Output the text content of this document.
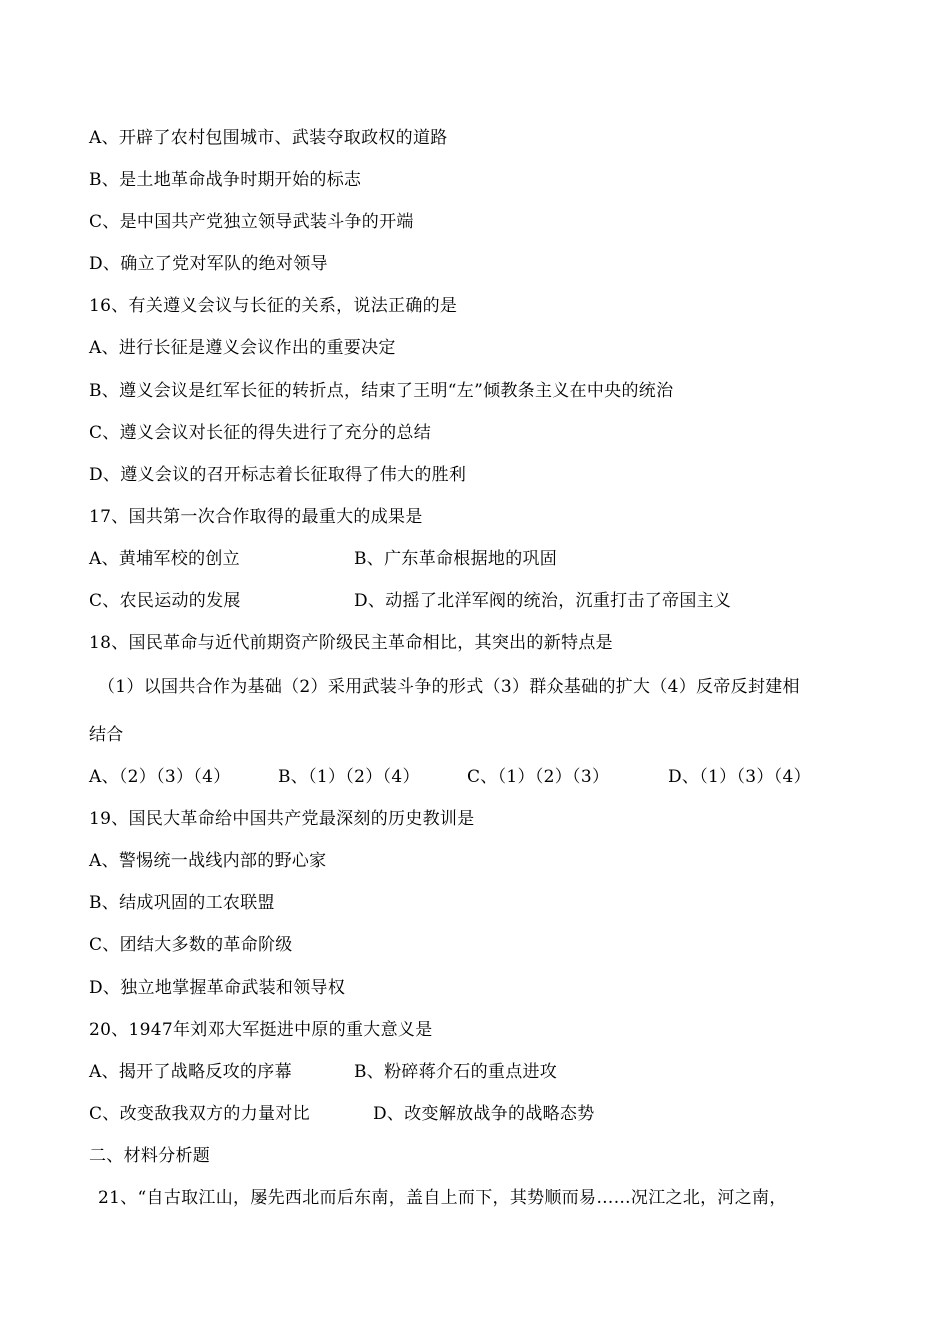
A、开辟了农村包围城市、武装夺取政权的道路
B、是土地革命战争时期开始的标志
C、是中国共产党独立领导武装斗争的开端
D、确立了党对军队的绝对领导
16、有关遵义会议与长征的关系，说法正确的是
A、进行长征是遵义会议作出的重要决定
B、遵义会议是红军长征的转折点，结束了王明“左”倾教条主义在中央的统治
C、遵义会议对长征的得失进行了充分的总结
D、遵义会议的召开标志着长征取得了伟大的胜利
17、国共第一次合作取得的最重大的成果是
A、黄埔军校的创立	B、广东革命根据地的巩固
C、农民运动的发展	D、动摇了北洋军阀的统治，沉重打击了帝国主义
18、国民革命与近代前期资产阶级民主革命相比，其突出的新特点是
（1）以国共合作为基础（2）采用武装斗争的形式（3）群众基础的扩大（4）反帝反封建相
结合
A、（2）（3）（4）	B、（1）（2）（4）	C、（1）（2）（3）	D、（1）（3）（4）
19、国民大革命给中国共产党最深刻的历史教训是
A、警惕统一战线内部的野心家
B、结成巩固的工农联盟
C、团结大多数的革命阶级
D、独立地掌握革命武装和领导权
20、1947年刘邓大军挺进中原的重大意义是
A、揭开了战略反攻的序幕	B、粉碎蒋介石的重点进攻
C、改变敌我双方的力量对比	D、改变解放战争的战略态势
二、材料分析题
21、“自古取江山，屡先西北而后东南，盖自上而下，其势顺而易……况江之北，河之南，
